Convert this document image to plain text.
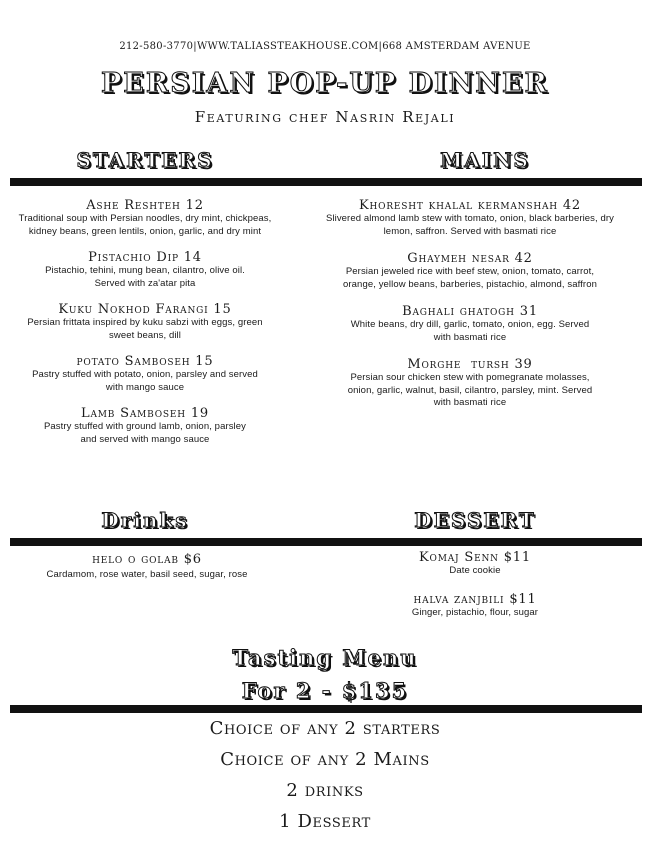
212-580-3770|WWW.TALIASSTEAKHOUSE.COM|668 AMSTERDAM AVENUE
PERSIAN POP-UP DINNER
Featuring chef Nasrin Rejali
STARTERS	MAINS
Ashe Reshteh 12
Traditional soup with Persian noodles, dry mint, chickpeas, kidney beans, green lentils, onion, garlic, and dry mint
Pistachio Dip 14
Pistachio, tehini, mung bean, cilantro, olive oil. Served with za'atar pita
Kuku Nokhod Farangi 15
Persian frittata inspired by kuku sabzi with eggs, green sweet beans, dill
potato Samboseh 15
Pastry stuffed with potato, onion, parsley and served with mango sauce
Lamb Samboseh 19
Pastry stuffed with ground lamb, onion, parsley and served with mango sauce
Khoresht khalal kermanshah 42
Slivered almond lamb stew with tomato, onion, black barberies, dry lemon, saffron. Served with basmati rice
Ghaymeh nesar 42
Persian jeweled rice with beef stew, onion, tomato, carrot, orange, yellow beans, barberies, pistachio, almond, saffron
Baghali ghatogh 31
White beans, dry dill, garlic, tomato, onion, egg. Served with basmati rice
Morghe  tursh 39
Persian sour chicken stew with pomegranate molasses, onion, garlic, walnut, basil, cilantro, parsley, mint. Served with basmati rice
Drinks	DESSERT
helo o golab $6
Cardamom, rose water, basil seed, sugar, rose
Komaj Senn $11
Date cookie
halva zanjbili $11
Ginger, pistachio, flour, sugar
Tasting Menu
For 2 - $135
Choice of any 2 starters
Choice of any 2 Mains
2 drinks
1 Dessert
